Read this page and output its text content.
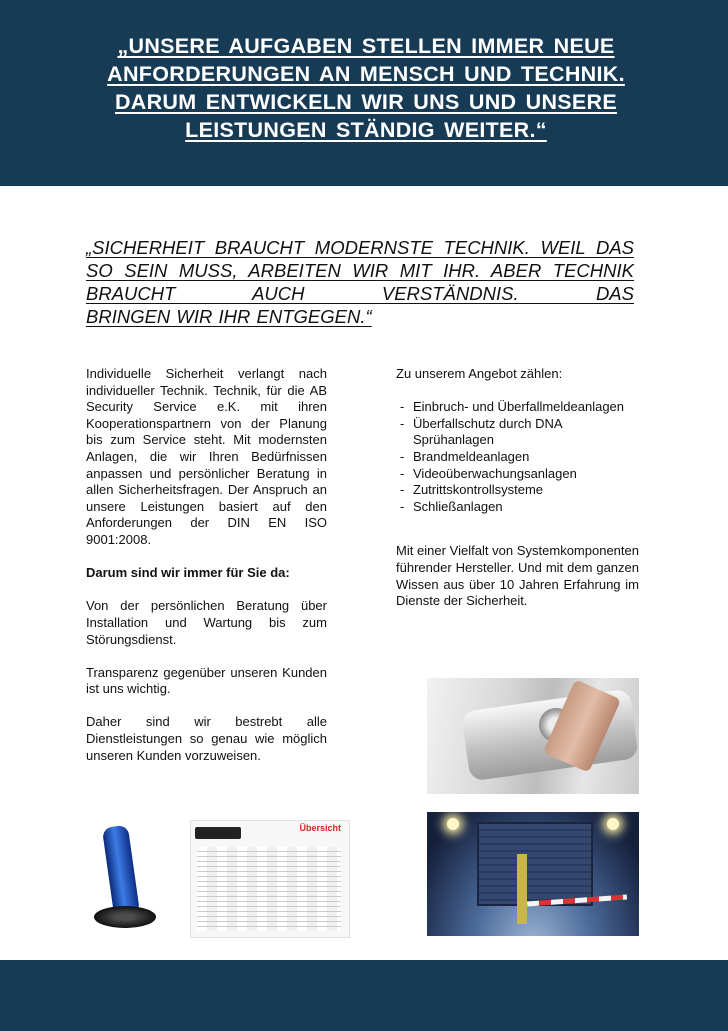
„UNSERE AUFGABEN STELLEN IMMER NEUE ANFORDERUNGEN AN MENSCH UND TECHNIK. DARUM ENTWICKELN WIR UNS UND UNSERE LEISTUNGEN STÄNDIG WEITER.“

„SICHERHEIT BRAUCHT MODERNSTE TECHNIK. WEIL DAS SO SEIN MUSS, ARBEITEN WIR MIT IHR. ABER TECHNIK BRAUCHT AUCH VERSTÄNDNIS. DAS
BRINGEN WIR IHR ENTGEGEN.“

Individuelle Sicherheit verlangt nach individueller Technik. Technik, für die AB Security Service e.K. mit ihren Kooperationspartnern von der Planung bis zum Service steht. Mit modernsten Anlagen, die wir Ihren Bedürfnissen anpassen und persönlicher Beratung in allen Sicherheitsfragen. Der Anspruch an unsere Leistungen basiert auf den Anforderungen der DIN EN ISO 9001:2008.

Darum sind wir immer für Sie da:

Von der persönlichen Beratung über Installation und Wartung bis zum Störungsdienst.

Transparenz gegenüber unseren Kunden ist uns wichtig.

Daher sind wir bestrebt alle Dienstleistungen so genau wie möglich unseren Kunden vorzuweisen.

Zu unserem Angebot zählen:

- Einbruch- und Überfallmeldeanlagen
- Überfallschutz durch DNA Sprühanlagen
- Brandmeldeanlagen
- Videoüberwachungsanlagen
- Zutrittskontrollsysteme
- Schließanlagen

Mit einer Vielfalt von Systemkomponenten führender Hersteller. Und mit dem ganzen Wissen aus über 10 Jahren Erfahrung im Dienste der Sicherheit.

Übersicht
